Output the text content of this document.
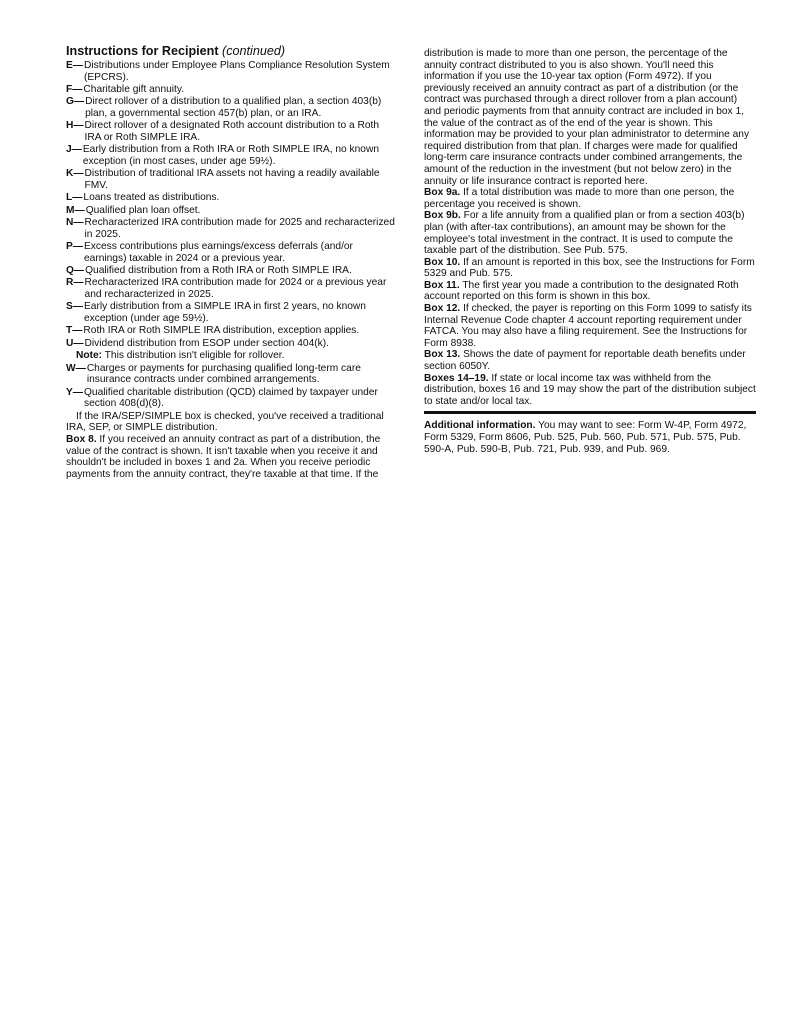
Instructions for Recipient (continued)
E— Distributions under Employee Plans Compliance Resolution System (EPCRS).
F— Charitable gift annuity.
G— Direct rollover of a distribution to a qualified plan, a section 403(b) plan, a governmental section 457(b) plan, or an IRA.
H— Direct rollover of a designated Roth account distribution to a Roth IRA or Roth SIMPLE IRA.
J— Early distribution from a Roth IRA or Roth SIMPLE IRA, no known exception (in most cases, under age 59½).
K— Distribution of traditional IRA assets not having a readily available FMV.
L— Loans treated as distributions.
M— Qualified plan loan offset.
N— Recharacterized IRA contribution made for 2025 and recharacterized in 2025.
P— Excess contributions plus earnings/excess deferrals (and/or earnings) taxable in 2024 or a previous year.
Q— Qualified distribution from a Roth IRA or Roth SIMPLE IRA.
R— Recharacterized IRA contribution made for 2024 or a previous year and recharacterized in 2025.
S— Early distribution from a SIMPLE IRA in first 2 years, no known exception (under age 59½).
T— Roth IRA or Roth SIMPLE IRA distribution, exception applies.
U— Dividend distribution from ESOP under section 404(k).
Note: This distribution isn't eligible for rollover.
W— Charges or payments for purchasing qualified long-term care insurance contracts under combined arrangements.
Y— Qualified charitable distribution (QCD) claimed by taxpayer under section 408(d)(8).

If the IRA/SEP/SIMPLE box is checked, you've received a traditional IRA, SEP, or SIMPLE distribution.

Box 8. If you received an annuity contract as part of a distribution, the value of the contract is shown. It isn't taxable when you receive it and shouldn't be included in boxes 1 and 2a. When you receive periodic payments from the annuity contract, they're taxable at that time. If the

distribution is made to more than one person, the percentage of the annuity contract distributed to you is also shown. You'll need this information if you use the 10-year tax option (Form 4972). If you previously received an annuity contract as part of a distribution (or the contract was purchased through a direct rollover from a plan account) and periodic payments from that annuity contract are included in box 1, the value of the contract as of the end of the year is shown. This information may be provided to your plan administrator to determine any required distribution from that plan. If charges were made for qualified long-term care insurance contracts under combined arrangements, the amount of the reduction in the investment (but not below zero) in the annuity or life insurance contract is reported here.

Box 9a. If a total distribution was made to more than one person, the percentage you received is shown.

Box 9b. For a life annuity from a qualified plan or from a section 403(b) plan (with after-tax contributions), an amount may be shown for the employee's total investment in the contract. It is used to compute the taxable part of the distribution. See Pub. 575.

Box 10. If an amount is reported in this box, see the Instructions for Form 5329 and Pub. 575.

Box 11. The first year you made a contribution to the designated Roth account reported on this form is shown in this box.

Box 12. If checked, the payer is reporting on this Form 1099 to satisfy its Internal Revenue Code chapter 4 account reporting requirement under FATCA. You may also have a filing requirement. See the Instructions for Form 8938.

Box 13. Shows the date of payment for reportable death benefits under section 6050Y.

Boxes 14–19. If state or local income tax was withheld from the distribution, boxes 16 and 19 may show the part of the distribution subject to state and/or local tax.

Additional information. You may want to see: Form W-4P, Form 4972, Form 5329, Form 8606, Pub. 525, Pub. 560, Pub. 571, Pub. 575, Pub. 590-A, Pub. 590-B, Pub. 721, Pub. 939, and Pub. 969.
